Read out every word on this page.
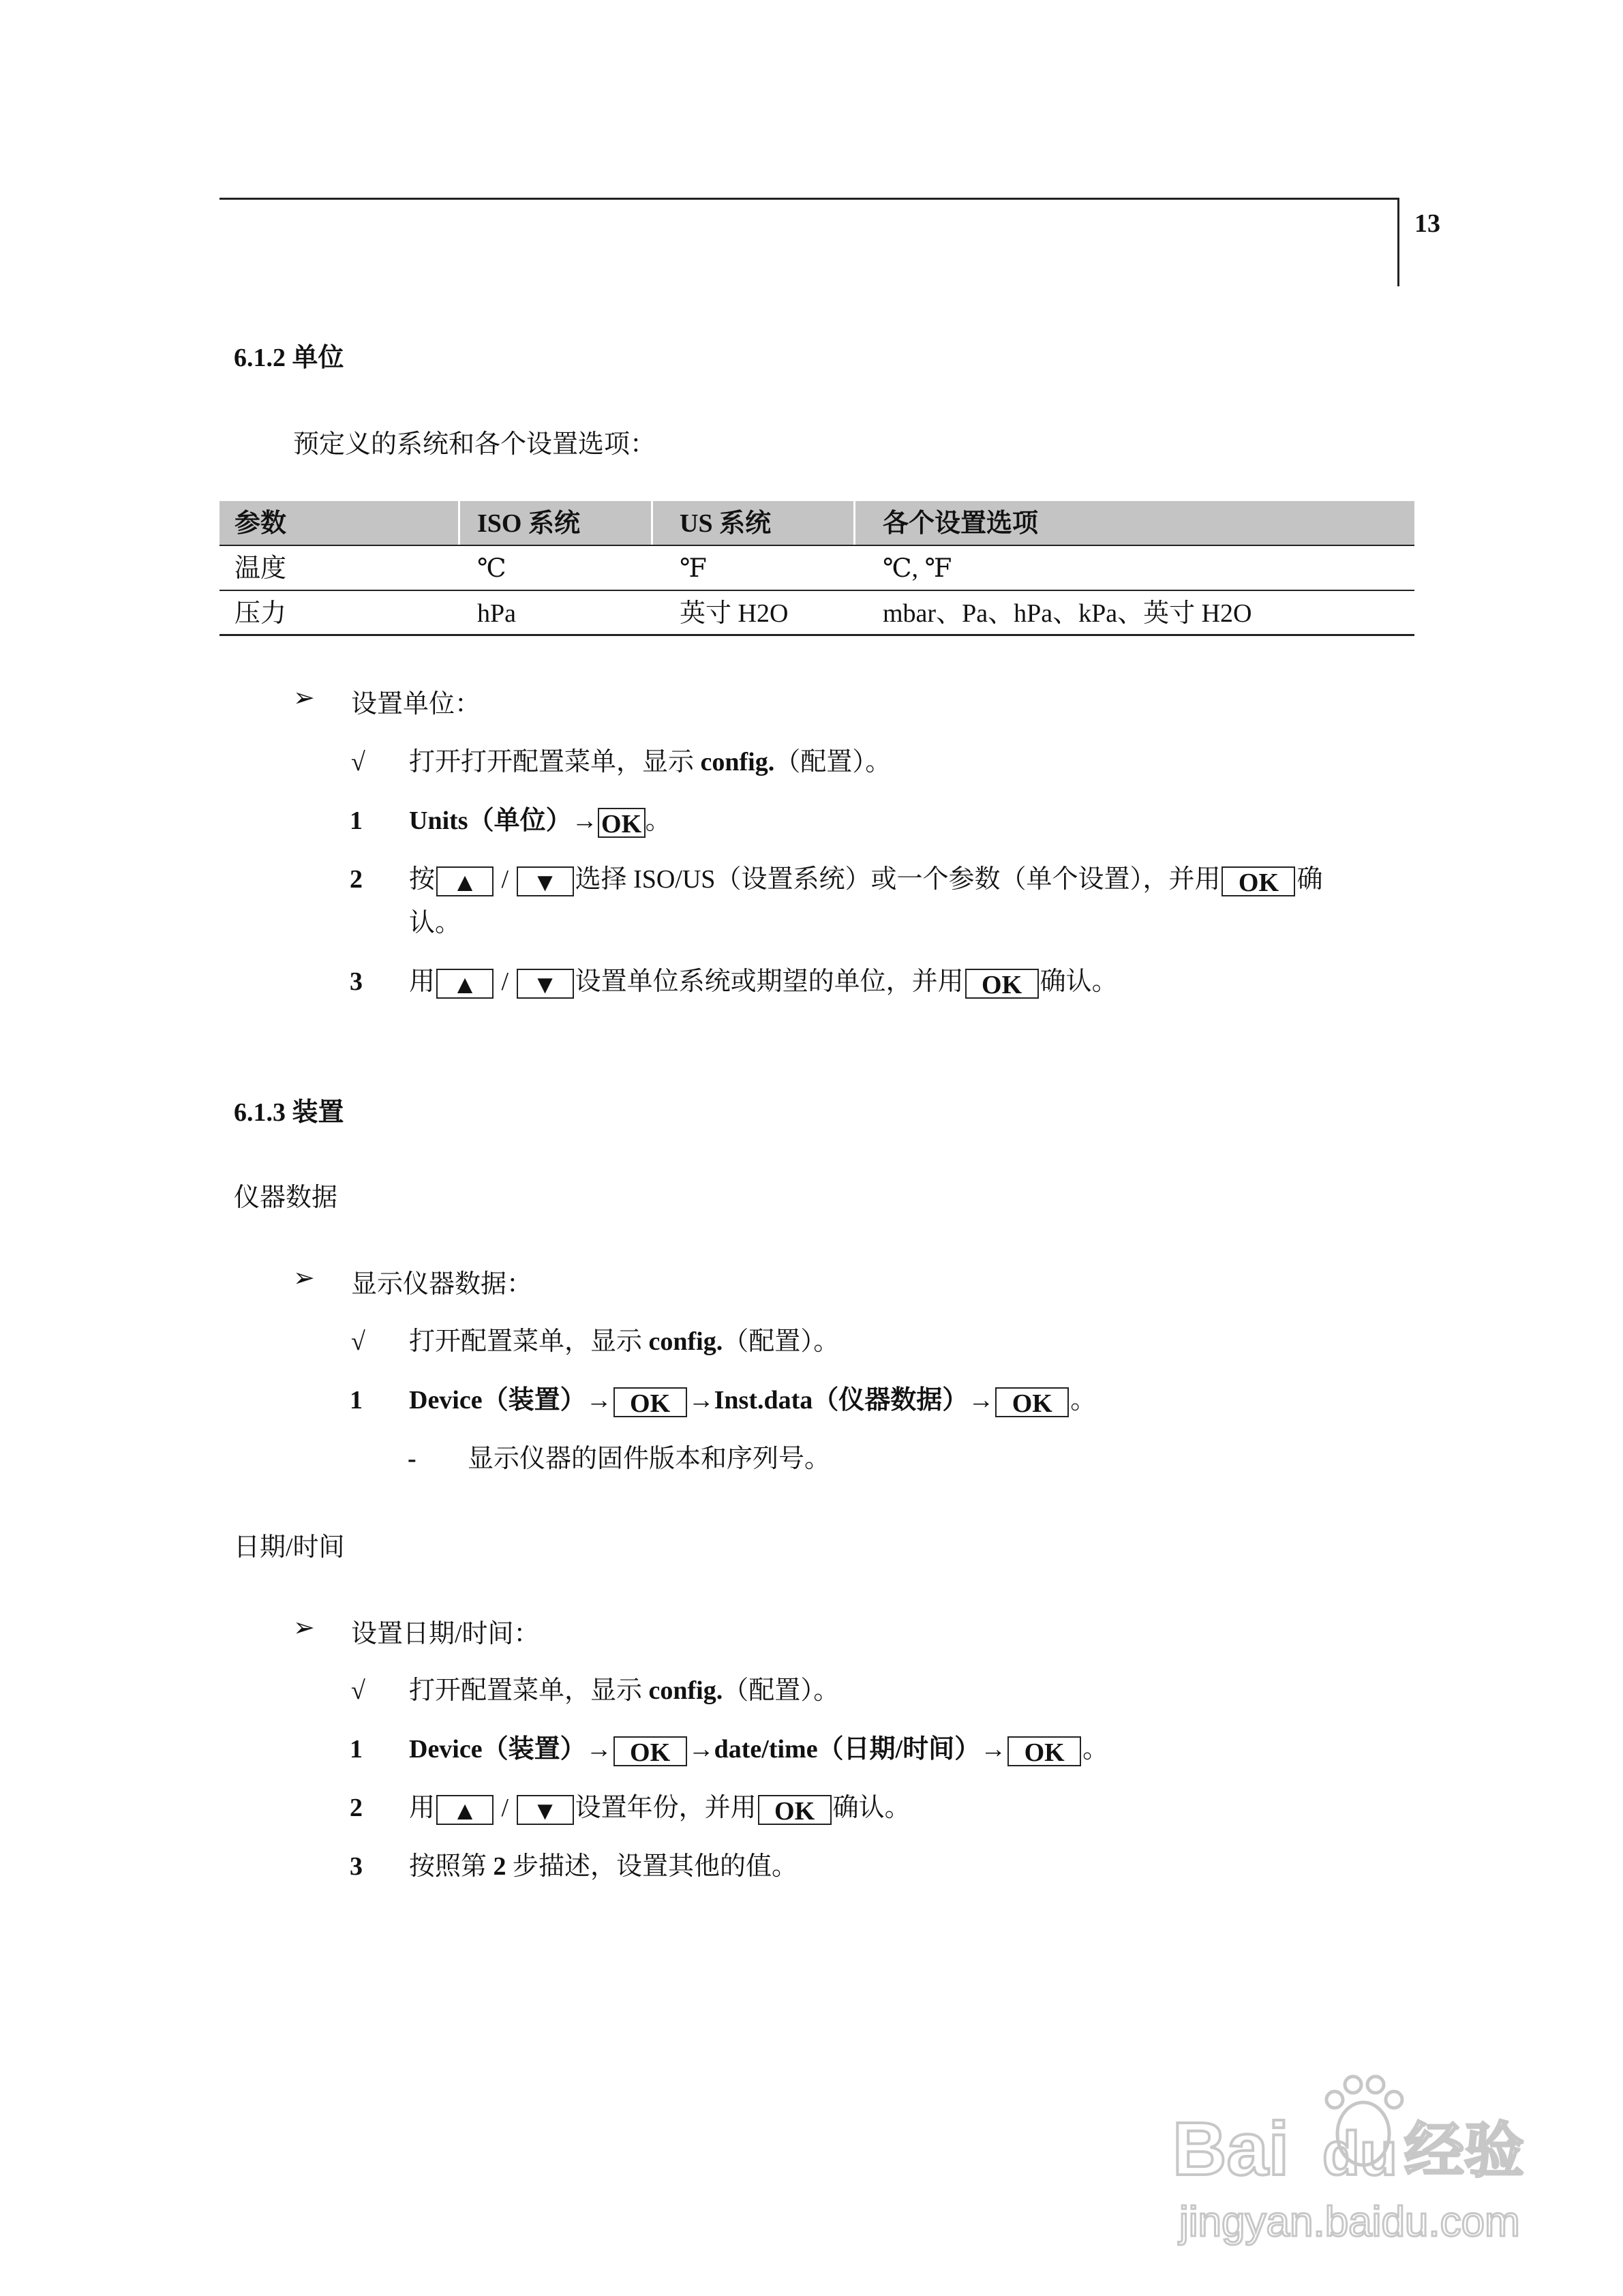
13
6.1.2 单位
预定义的系统和各个设置选项：
参数	ISO 系统	US 系统	各个设置选项
温度	℃	℉	℃, ℉
压力	hPa	英寸 H2O	mbar、Pa、hPa、kPa、英寸 H2O
➢ 设置单位：
√ 打开打开配置菜单，显示 config.（配置）。
1 Units（单位）→ OK 。
2 按 ▲ / ▼ 选择 ISO/US（设置系统）或一个参数（单个设置），并用 OK 确
认。
3 用 ▲ / ▼ 设置单位系统或期望的单位，并用 OK 确认。
6.1.3 装置
仪器数据
➢ 显示仪器数据：
√ 打开配置菜单，显示 config.（配置）。
1 Device（装置）→ OK →Inst.data（仪器数据）→ OK 。
- 显示仪器的固件版本和序列号。
日期/时间
➢ 设置日期/时间：
√ 打开配置菜单，显示 config.（配置）。
1 Device（装置）→ OK →date/time（日期/时间）→ OK 。
2 用 ▲ / ▼ 设置年份，并用 OK 确认。
3 按照第 2 步描述，设置其他的值。
Bai du 经验
jingyan.baidu.com
